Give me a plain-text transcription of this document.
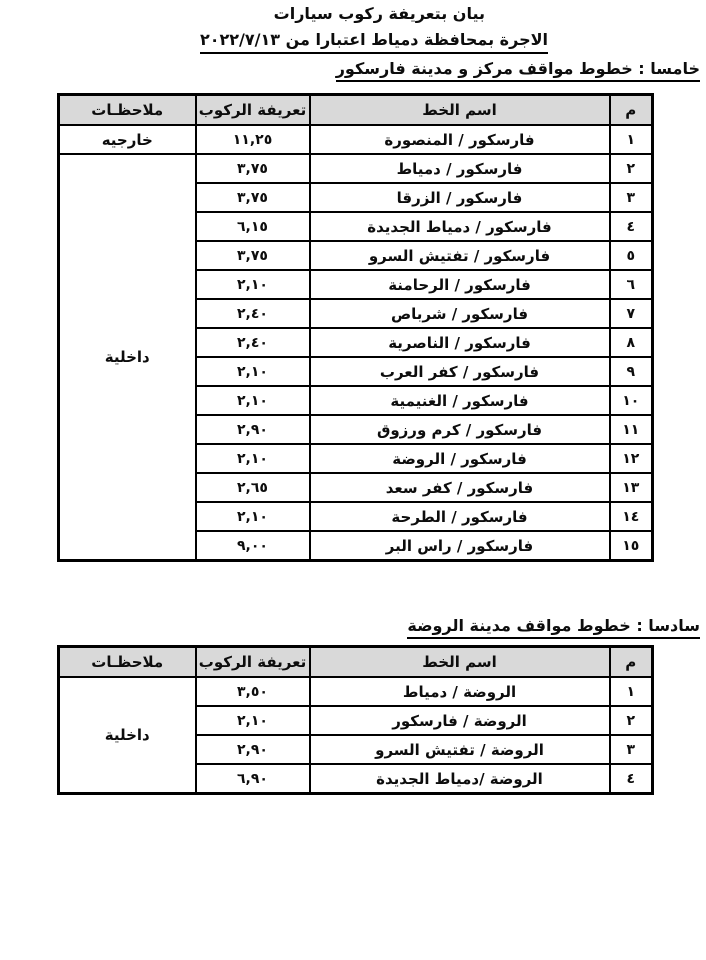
بيان بتعريفة ركوب سيارات
الاجرة بمحافظة دمياط اعتبارا من ٢٠٢٢/٧/١٣
خامسا : خطوط مواقف مركز و مدينة فارسكور
م	اسم الخط	تعريفة الركوب	ملاحظـات
١	فارسكور / المنصورة	١١,٢٥	خارجيه
٢	فارسكور / دمياط	٣,٧٥	داخلية
٣	فارسكور / الزرقا	٣,٧٥	
٤	فارسكور / دمياط الجديدة	٦,١٥	
٥	فارسكور / تفتيش السرو	٣,٧٥	
٦	فارسكور / الرحامنة	٢,١٠	
٧	فارسكور / شرباص	٢,٤٠	
٨	فارسكور / الناصرية	٢,٤٠	
٩	فارسكور / كفر العرب	٢,١٠	
١٠	فارسكور / الغنيمية	٢,١٠	
١١	فارسكور / كرم ورزوق	٢,٩٠	
١٢	فارسكور / الروضة	٢,١٠	
١٣	فارسكور / كفر سعد	٢,٦٥	
١٤	فارسكور / الطرحة	٢,١٠	
١٥	فارسكور / راس البر	٩,٠٠	
سادسا : خطوط مواقف مدينة الروضة
م	اسم الخط	تعريفة الركوب	ملاحظـات
١	الروضة / دمياط	٣,٥٠	داخلية
٢	الروضة / فارسكور	٢,١٠	
٣	الروضة / تفتيش السرو	٢,٩٠	
٤	الروضة /دمياط الجديدة	٦,٩٠	
